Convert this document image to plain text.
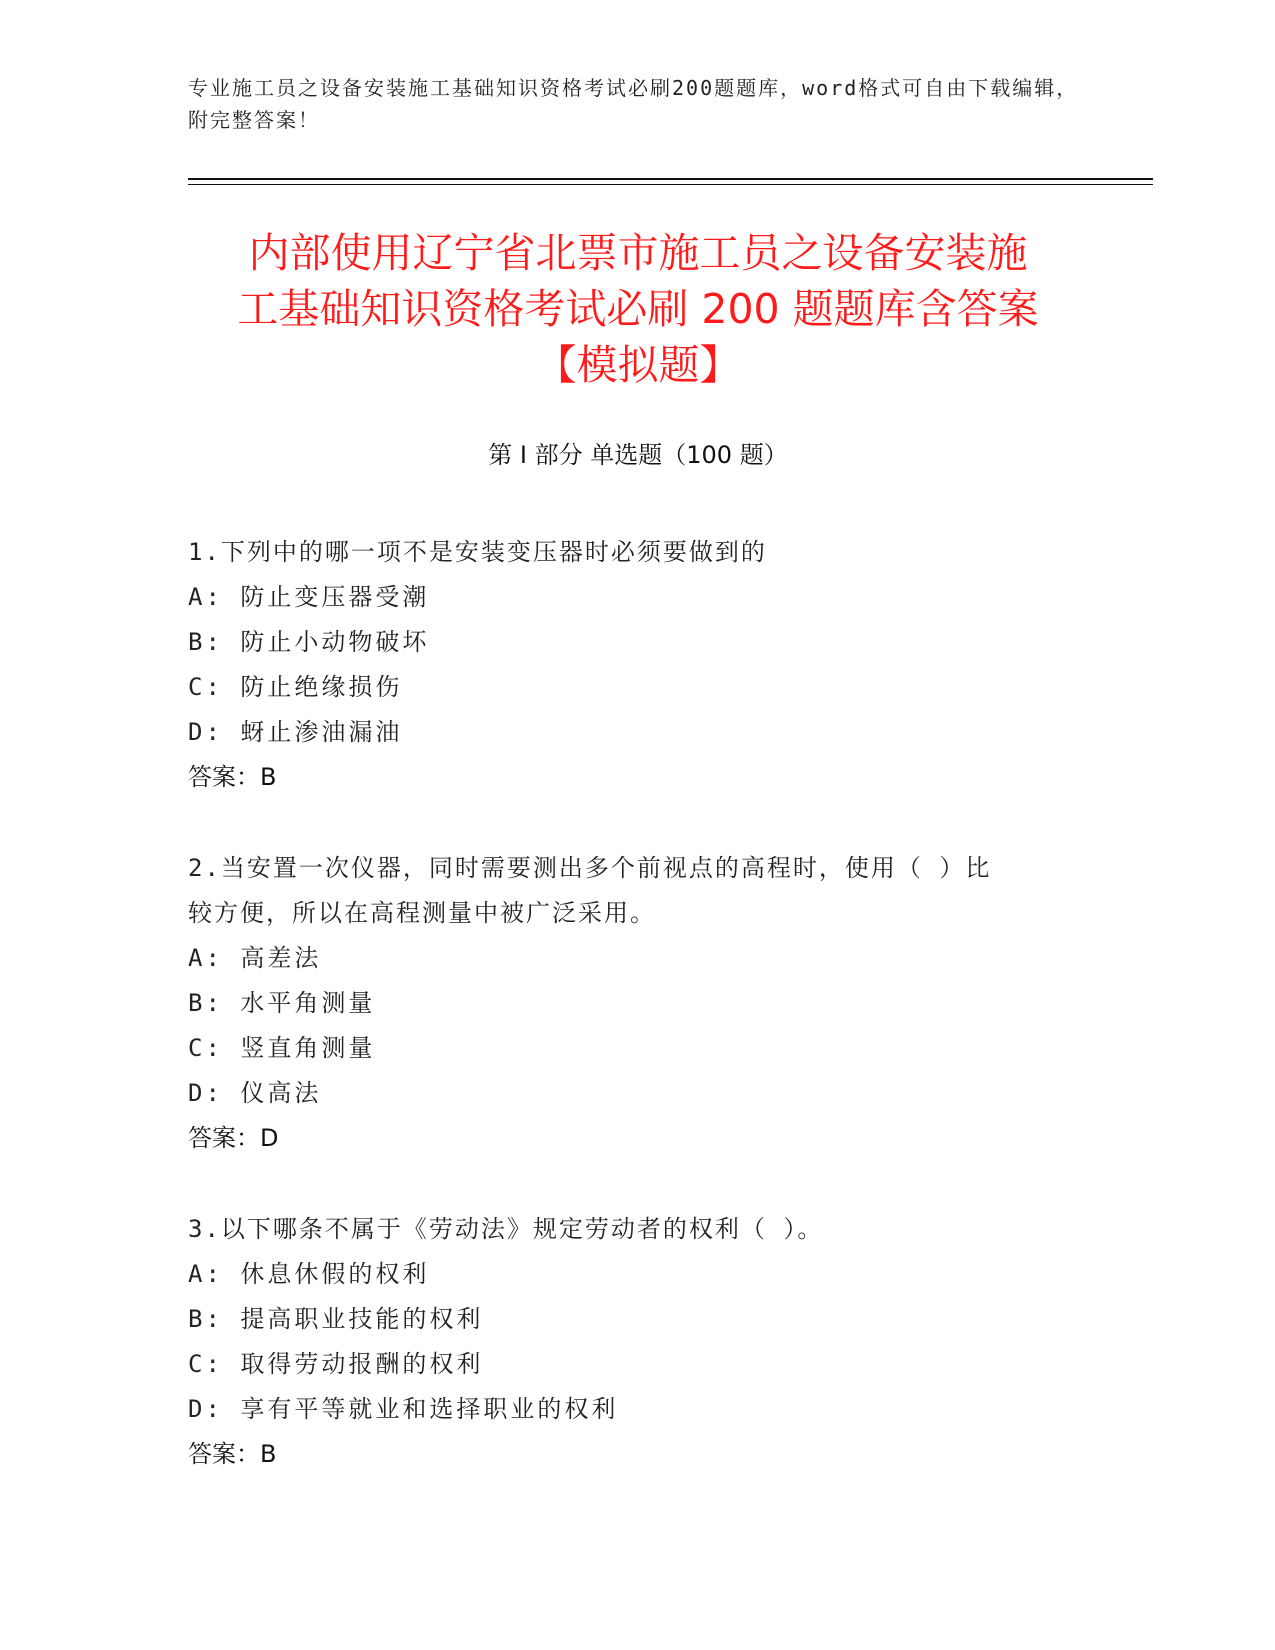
专业施工员之设备安装施工基础知识资格考试必刷200题题库，word格式可自由下载编辑，附完整答案！
内部使用辽宁省北票市施工员之设备安装施
工基础知识资格考试必刷 200 题题库含答案
【模拟题】
第 I 部分 单选题（100 题）
1.下列中的哪一项不是安装变压器时必须要做到的
A: 防止变压器受潮
B: 防止小动物破坏
C: 防止绝缘损伤
D: 蚜止渗油漏油
答案：B
2.当安置一次仪器，同时需要测出多个前视点的高程时，使用（ ）比
较方便，所以在高程测量中被广泛采用。
A: 高差法
B: 水平角测量
C: 竖直角测量
D: 仪高法
答案：D
3.以下哪条不属于《劳动法》规定劳动者的权利（ ）。
A: 休息休假的权利
B: 提高职业技能的权利
C: 取得劳动报酬的权利
D: 享有平等就业和选择职业的权利
答案：B
